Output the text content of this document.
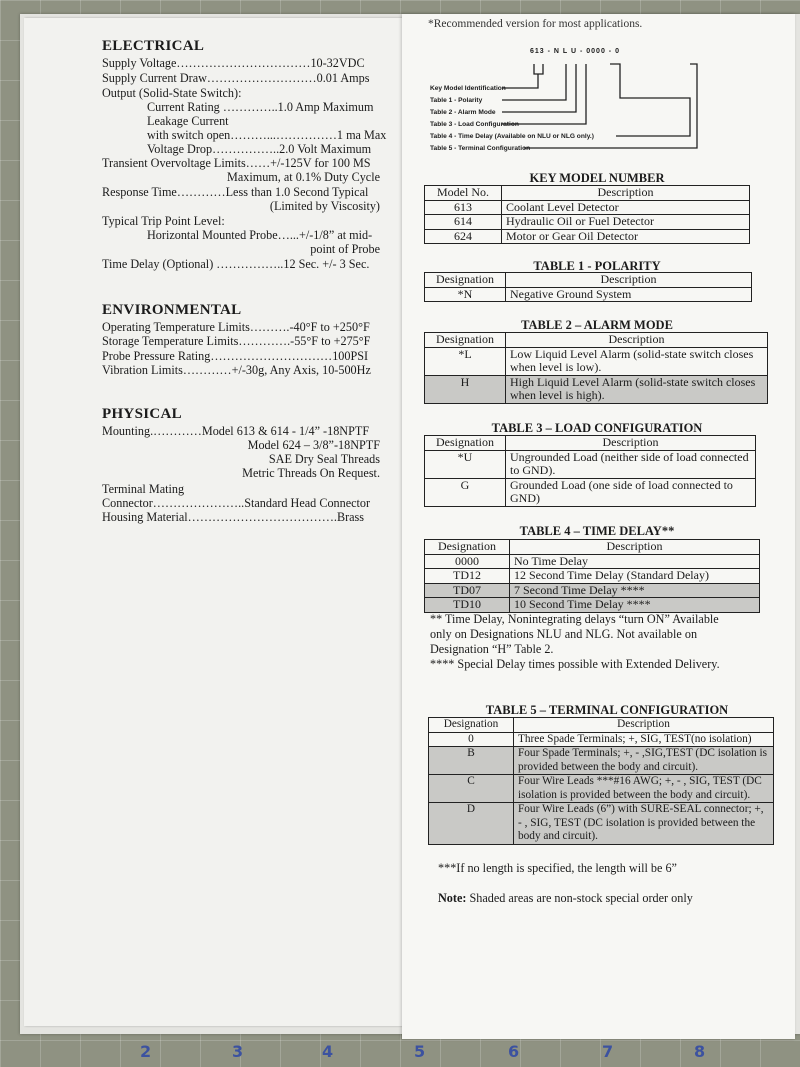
2	3	4	5	6	7	8
ELECTRICAL
Supply Voltage……………………………10-32VDC
Supply Current Draw………………………0.01 Amps
Output (Solid-State Switch):
Current Rating …………..1.0 Amp Maximum
Leakage Current
with switch open………...……………1 ma Max
Voltage Drop……………..2.0 Volt Maximum
Transient Overvoltage Limits……+/-125V for 100 MS
Maximum, at 0.1% Duty Cycle
Response Time…………Less than 1.0 Second Typical
(Limited by Viscosity)
Typical Trip Point Level:
Horizontal Mounted Probe…...+/-1/8” at mid-
point of Probe
Time Delay (Optional) ……………..12 Sec. +/- 3 Sec.
ENVIRONMENTAL
Operating Temperature Limits……….-40°F to +250°F
Storage Temperature Limits………….-55°F to +275°F
Probe Pressure Rating…………………………100PSI
Vibration Limits…………+/-30g, Any Axis, 10-500Hz
PHYSICAL
Mounting.…………Model 613 & 614 - 1/4” -18NPTF
Model 624 – 3/8”-18NPTF
SAE Dry Seal Threads
Metric Threads On Request.
Terminal Mating
Connector…………………..Standard Head Connector
Housing Material……………………………….Brass
*Recommended version for most applications.
613 - N L U - 0000 - 0
Key Model Identification
Table 1 - Polarity
Table 2 - Alarm Mode
Table 3 - Load Configuration
Table 4 - Time Delay (Available on NLU or NLG only.)
Table 5 - Terminal Configuration
KEY MODEL NUMBER
Model No.	Description
613	Coolant Level Detector
614	Hydraulic Oil or Fuel Detector
624	Motor or Gear Oil Detector
TABLE 1 - POLARITY
Designation	Description
*N	Negative Ground System
TABLE 2 – ALARM MODE
Designation	Description
*L	Low Liquid Level Alarm (solid-state switch closes when level is low).
H	High Liquid Level Alarm (solid-state switch closes when level is high).
TABLE 3 – LOAD CONFIGURATION
Designation	Description
*U	Ungrounded Load (neither side of load connected to GND).
G	Grounded Load (one side of load connected to GND)
TABLE 4 – TIME DELAY**
Designation	Description
0000	No Time Delay
TD12	12 Second Time Delay (Standard Delay)
TD07	7 Second Time Delay ****
TD10	10 Second Time Delay ****
** Time Delay, Nonintegrating delays “turn ON” Available only on Designations NLU and NLG. Not available on Designation “H” Table 2.
**** Special Delay times possible with Extended Delivery.
TABLE 5 – TERMINAL CONFIGURATION
Designation	Description
0	Three Spade Terminals; +, SIG, TEST(no isolation)
B	Four Spade Terminals; +, - ,SIG,TEST (DC isolation is provided between the body and circuit).
C	Four Wire Leads ***#16 AWG; +, - , SIG, TEST (DC isolation is provided between the body and circuit).
D	Four Wire Leads (6”) with SURE-SEAL connector; +, - , SIG, TEST (DC isolation is provided between the body and circuit).
***If no length is specified, the length will be 6”
Note: Shaded areas are non-stock special order only
